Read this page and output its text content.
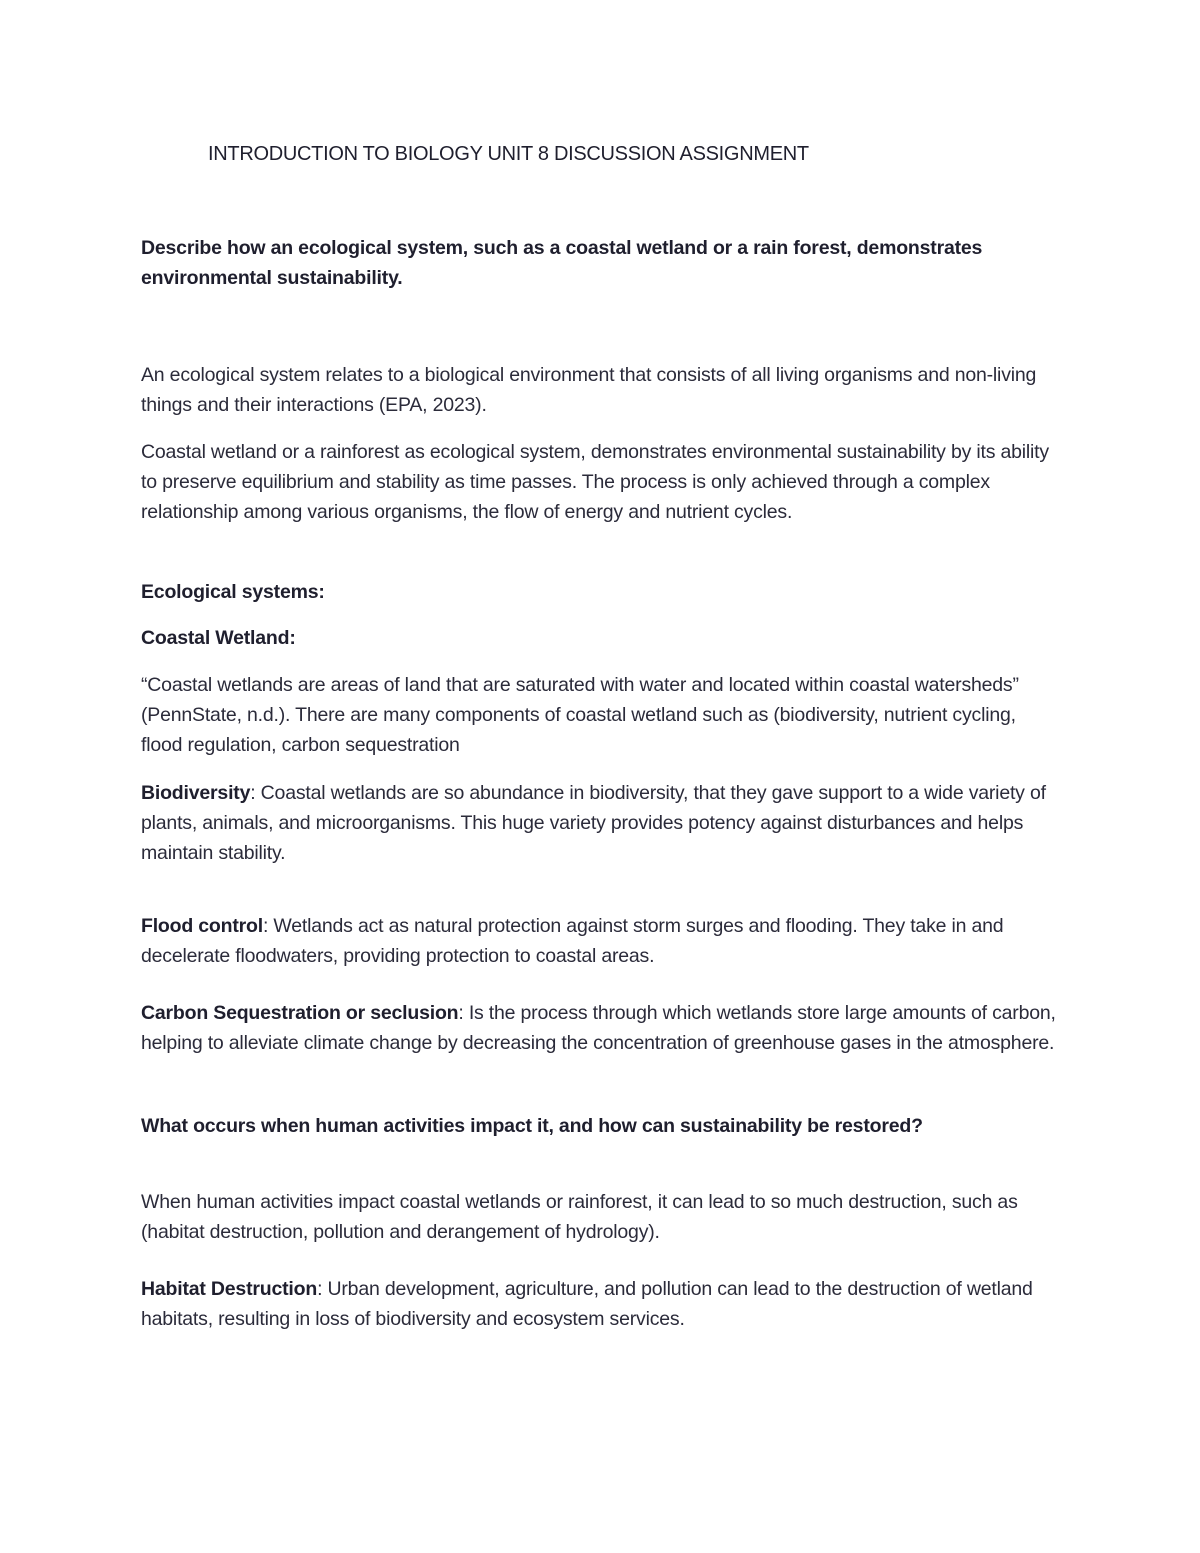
INTRODUCTION TO BIOLOGY UNIT 8 DISCUSSION ASSIGNMENT
Describe how an ecological system, such as a coastal wetland or a rain forest, demonstrates environmental sustainability.
An ecological system relates to a biological environment that consists of all living organisms and non-living things and their interactions (EPA, 2023).
Coastal wetland or a rainforest as ecological system, demonstrates environmental sustainability by its ability to preserve equilibrium and stability as time passes. The process is only achieved through a complex relationship among various organisms, the flow of energy and nutrient cycles.
Ecological systems:
Coastal Wetland:
“Coastal wetlands are areas of land that are saturated with water and located within coastal watersheds” (PennState, n.d.). There are many components of coastal wetland such as (biodiversity, nutrient cycling, flood regulation, carbon sequestration

Biodiversity: Coastal wetlands are so abundance in biodiversity, that they gave support to a wide variety of plants, animals, and microorganisms. This huge variety provides potency against disturbances and helps maintain stability.

Flood control: Wetlands act as natural protection against storm surges and flooding. They take in and decelerate floodwaters, providing protection to coastal areas.

Carbon Sequestration or seclusion: Is the process through which wetlands store large amounts of carbon, helping to alleviate climate change by decreasing the concentration of greenhouse gases in the atmosphere.

What occurs when human activities impact it, and how can sustainability be restored?
When human activities impact coastal wetlands or rainforest, it can lead to so much destruction, such as (habitat destruction, pollution and derangement of hydrology).

Habitat Destruction: Urban development, agriculture, and pollution can lead to the destruction of wetland habitats, resulting in loss of biodiversity and ecosystem services.
